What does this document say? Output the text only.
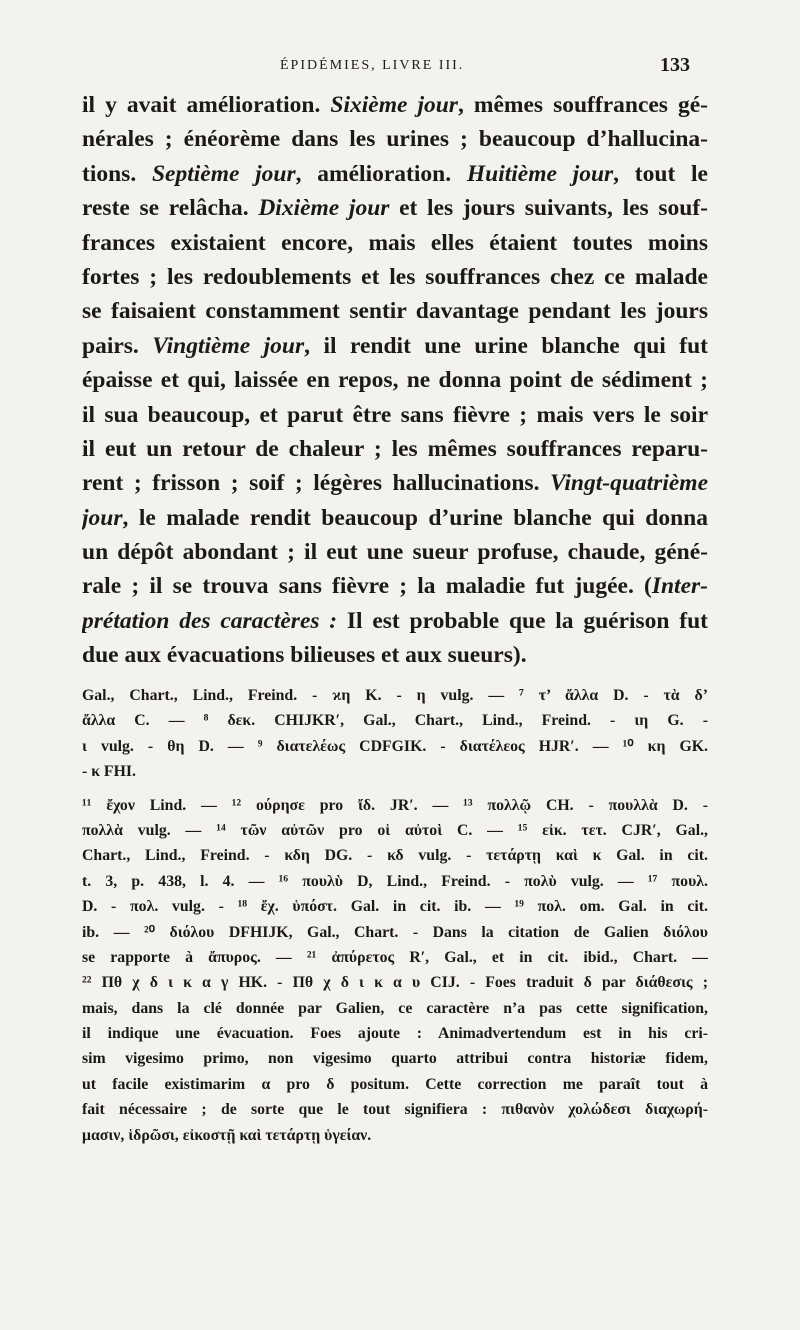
ÉPIDÉMIES, LIVRE III.	133
il y avait amélioration. Sixième jour, mêmes souffrances gé-
nérales ; énéorème dans les urines ; beaucoup d’hallucina-
tions. Septième jour, amélioration. Huitième jour, tout le
reste se relâcha. Dixième jour et les jours suivants, les souf-
frances existaient encore, mais elles étaient toutes moins
fortes ; les redoublements et les souffrances chez ce malade
se faisaient constamment sentir davantage pendant les jours
pairs. Vingtième jour, il rendit une urine blanche qui fut
épaisse et qui, laissée en repos, ne donna point de sédiment ;
il sua beaucoup, et parut être sans fièvre ; mais vers le soir
il eut un retour de chaleur ; les mêmes souffrances reparu-
rent ; frisson ; soif ; légères hallucinations. Vingt-quatrième
jour, le malade rendit beaucoup d’urine blanche qui donna
un dépôt abondant ; il eut une sueur profuse, chaude, géné-
rale ; il se trouva sans fièvre ; la maladie fut jugée. (Inter-
prétation des caractères : Il est probable que la guérison fut
due aux évacuations bilieuses et aux sueurs).
Gal., Chart., Lind., Freind. - ϰη K. - η vulg. — ⁷ τ’ ἄλλα D. - τὰ δ’
ἄλλα C. — ⁸ δεκ. CHIJKR′, Gal., Chart., Lind., Freind. - ιη G. -
ι vulg. - θη D. — ⁹ διατελέως CDFGIK. - διατέλεος HJR′. — ¹⁰ κη GK.
- κ FHI.
¹¹ ἔχον Lind. — ¹² ούρησε pro ἴδ. JR′. — ¹³ πολλῷ CH. - πουλλὰ D. -
πολλὰ vulg. — ¹⁴ τῶν αὐτῶν pro οἱ αὐτοὶ C. — ¹⁵ εἰκ. τετ. CJR′, Gal.,
Chart., Lind., Freind. - κδη DG. - κδ vulg. - τετάρτῃ καὶ κ Gal. in cit.
t. 3, p. 438, l. 4. — ¹⁶ πουλὺ D, Lind., Freind. - πολὺ vulg. — ¹⁷ πουλ.
D. - πολ. vulg. - ¹⁸ ἔχ. ὑπόστ. Gal. in cit. ib. — ¹⁹ πολ. om. Gal. in cit.
ib. — ²⁰ διόλου DFHIJK, Gal., Chart. - Dans la citation de Galien διόλου
se rapporte à ἄπυρος. — ²¹ ἀπύρετος R′, Gal., et in cit. ibid., Chart. —
²² Πθ χ δ ι κ α γ HK. - Πθ χ δ ι κ α υ CIJ. - Foes traduit δ par διάθεσις ;
mais, dans la clé donnée par Galien, ce caractère n’a pas cette signification,
il indique une évacuation. Foes ajoute : Animadvertendum est in his cri-
sim vigesimo primo, non vigesimo quarto attribui contra historiæ fidem,
ut facile existimarim α pro δ positum. Cette correction me paraît tout à
fait nécessaire ; de sorte que le tout signifiera : πιθανὸν χολώδεσι διαχωρή-
μασιν, ἱδρῶσι, εἰκοστῇ καὶ τετάρτῃ ὑγείαν.
